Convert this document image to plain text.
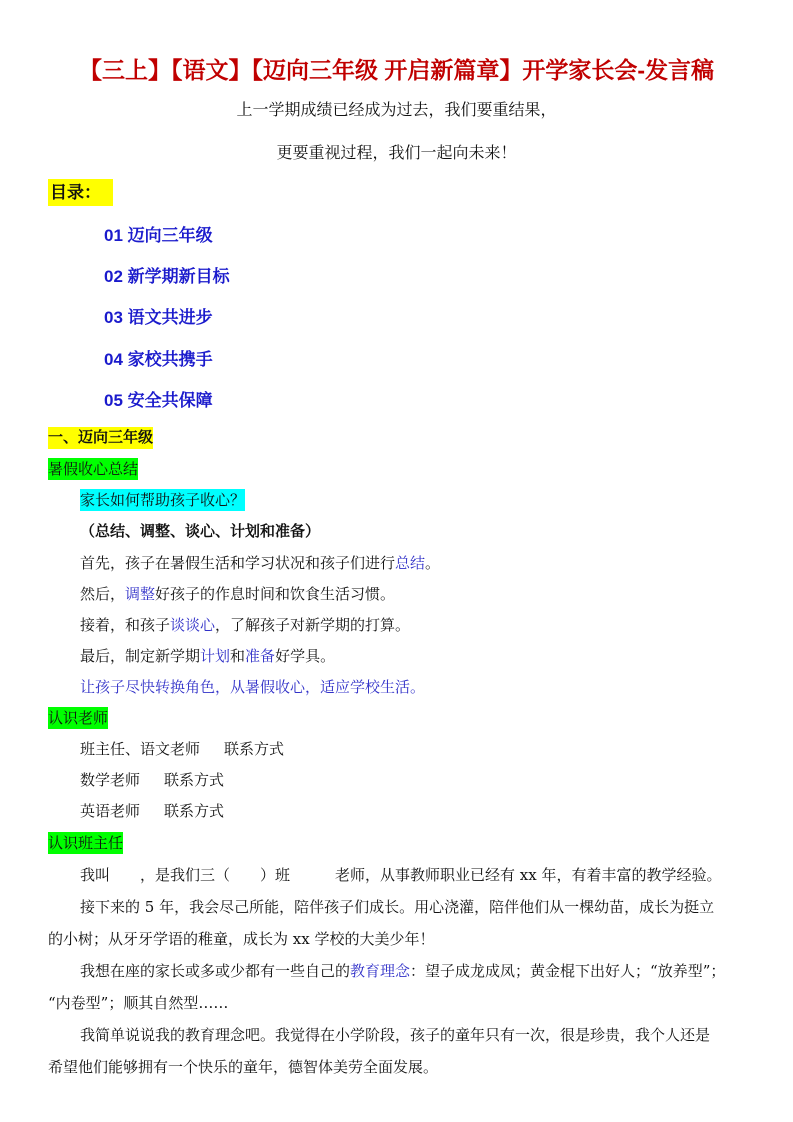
【三上】【语文】【迈向三年级 开启新篇章】开学家长会-发言稿
上一学期成绩已经成为过去，我们要重结果，
更要重视过程，我们一起向未来！
目录：
01 迈向三年级
02 新学期新目标
03 语文共进步
04 家校共携手
05 安全共保障
一、迈向三年级
暑假收心总结
家长如何帮助孩子收心？
（总结、调整、谈心、计划和准备）
首先，孩子在暑假生活和学习状况和孩子们进行总结。
然后，调整好孩子的作息时间和饮食生活习惯。
接着，和孩子谈谈心，了解孩子对新学期的打算。
最后，制定新学期计划和准备好学具。
让孩子尽快转换角色，从暑假收心，适应学校生活。
认识老师
班主任、语文老师 联系方式
数学老师 联系方式
英语老师 联系方式
认识班主任
我叫　　，是我们三（　　）班　　　老师，从事教师职业已经有 xx 年，有着丰富的教学经验。
接下来的 5 年，我会尽己所能，陪伴孩子们成长。用心浇灌，陪伴他们从一棵幼苗，成长为挺立
的小树；从牙牙学语的稚童，成长为 xx 学校的大美少年！
我想在座的家长或多或少都有一些自己的教育理念：望子成龙成凤；黄金棍下出好人；“放养型”；
“内卷型”；顺其自然型……
我简单说说我的教育理念吧。我觉得在小学阶段，孩子的童年只有一次，很是珍贵，我个人还是
希望他们能够拥有一个快乐的童年，德智体美劳全面发展。
